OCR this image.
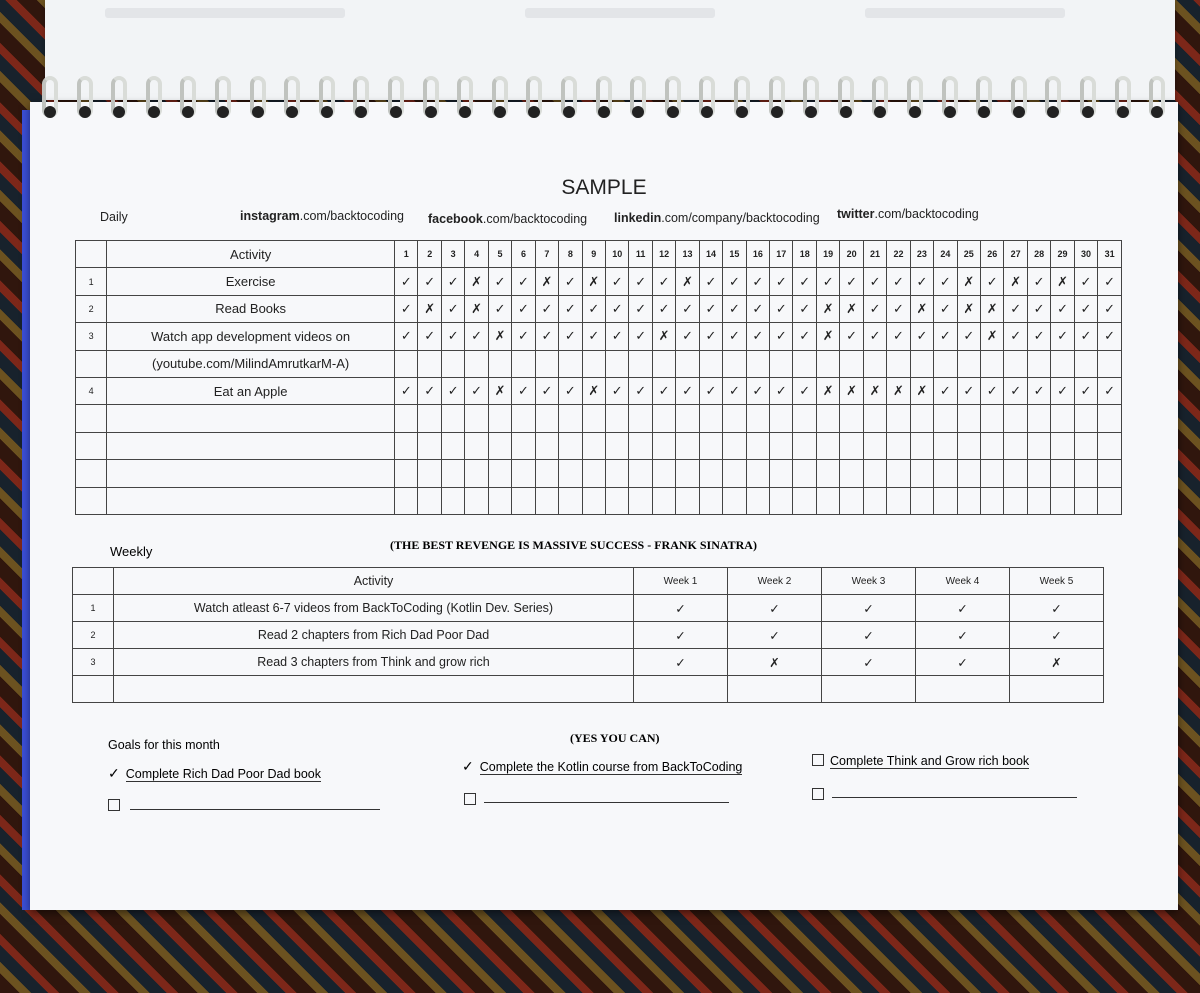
SAMPLE
Daily	instagram.com/backtocoding facebook.com/backtocoding linkedin.com/company/backtocoding twitter.com/backtocoding
	Activity	1	2	3	4	5	6	7	8	9	10	11	12	13	14	15	16	17	18	19	20	21	22	23	24	25	26	27	28	29	30	31
1	Exercise	✓	✓	✓	✗	✓	✓	✗	✓	✗	✓	✓	✓	✗	✓	✓	✓	✓	✓	✓	✓	✓	✓	✓	✓	✗	✓	✗	✓	✗	✓	✓
2	Read Books	✓	✗	✓	✗	✓	✓	✓	✓	✓	✓	✓	✓	✓	✓	✓	✓	✓	✓	✗	✗	✓	✓	✗	✓	✗	✗	✓	✓	✓	✓	✓
3	Watch app development videos on	✓	✓	✓	✓	✗	✓	✓	✓	✓	✓	✓	✗	✓	✓	✓	✓	✓	✓	✗	✓	✓	✓	✓	✓	✓	✗	✓	✓	✓	✓	✓
	(youtube.com/MilindAmrutkarM-A)																															
4	Eat an Apple	✓	✓	✓	✓	✗	✓	✓	✓	✗	✓	✓	✓	✓	✓	✓	✓	✓	✓	✗	✗	✗	✗	✗	✓	✓	✓	✓	✓	✓	✓	✓

Weekly	(THE BEST REVENGE IS MASSIVE SUCCESS - FRANK SINATRA)
	Activity	Week 1	Week 2	Week 3	Week 4	Week 5
1	Watch atleast 6-7 videos from BackToCoding (Kotlin Dev. Series)	✓	✓	✓	✓	✓
2	Read 2 chapters from Rich Dad Poor Dad	✓	✓	✓	✓	✓
3	Read 3 chapters from Think and grow rich	✓	✗	✓	✓	✗

Goals for this month	(YES YOU CAN)
✓ Complete Rich Dad Poor Dad book	✓ Complete the Kotlin course from BackToCoding	Complete Think and Grow rich book
